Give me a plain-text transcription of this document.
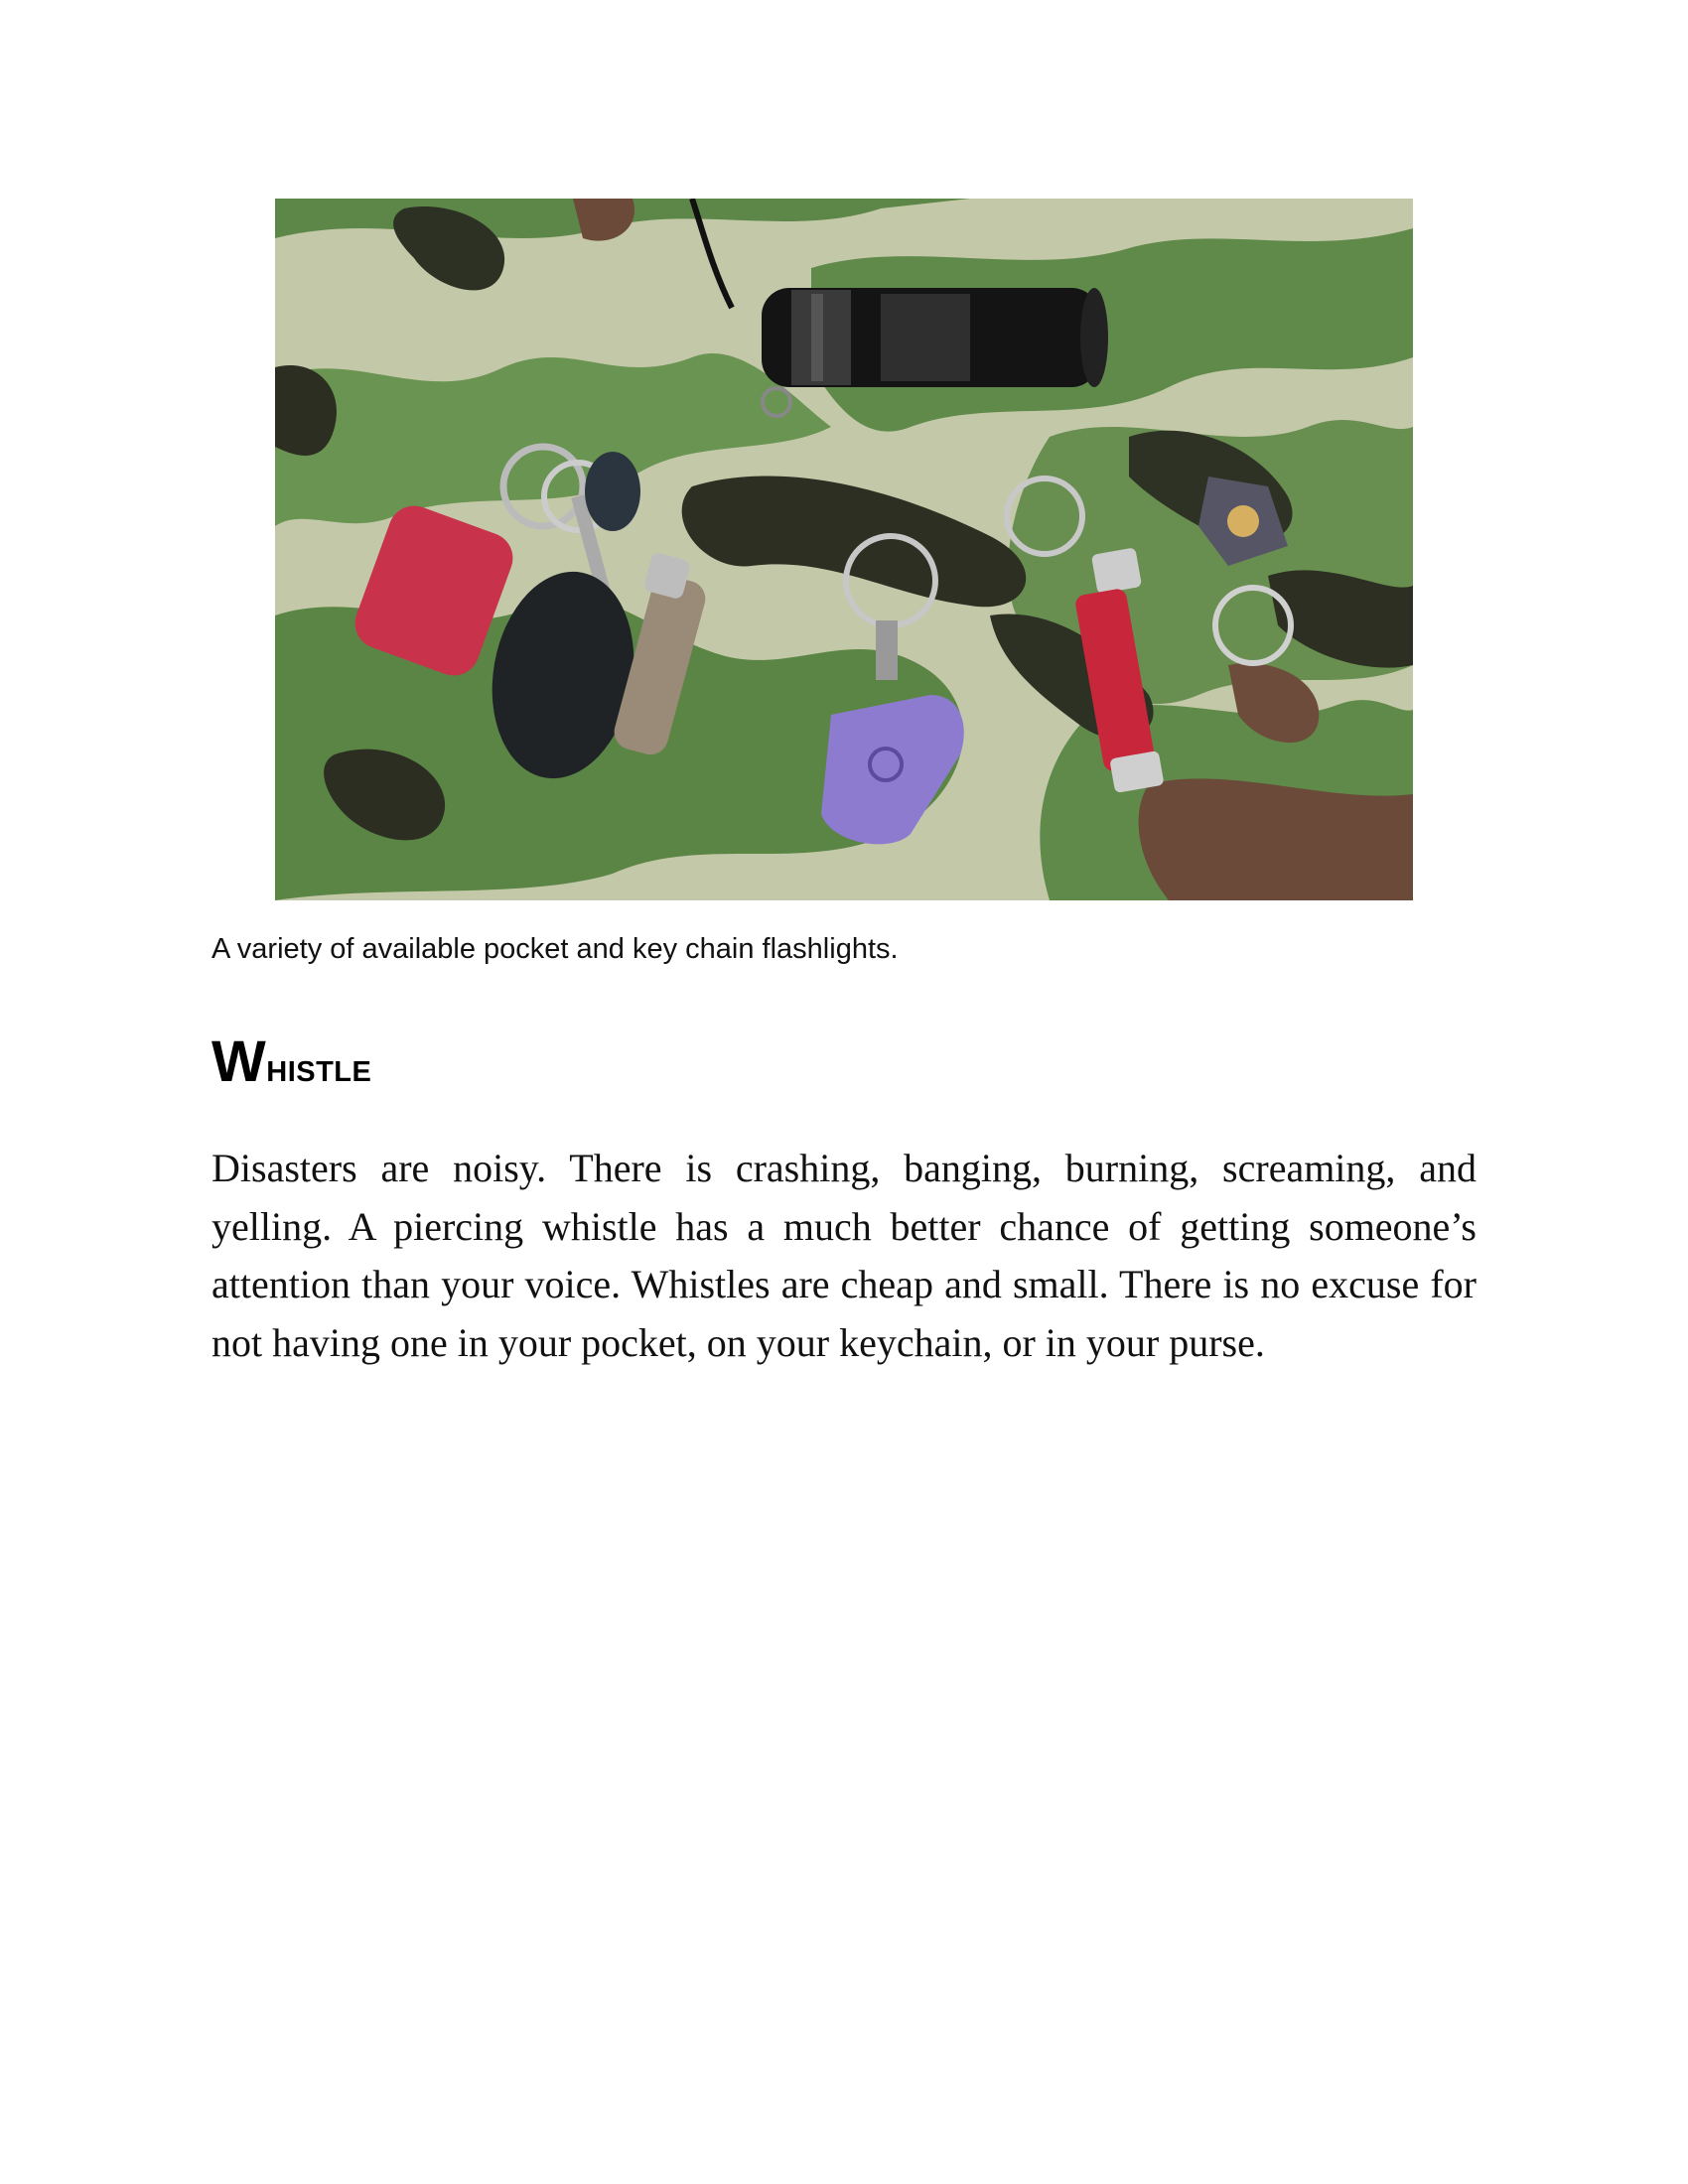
A variety of available pocket and key chain flashlights.

Whistle

Disasters are noisy. There is crashing, banging, burning, screaming, and yelling. A piercing whistle has a much better chance of getting someone’s attention than your voice. Whistles are cheap and small. There is no excuse for not having one in your pocket, on your keychain, or in your purse.
